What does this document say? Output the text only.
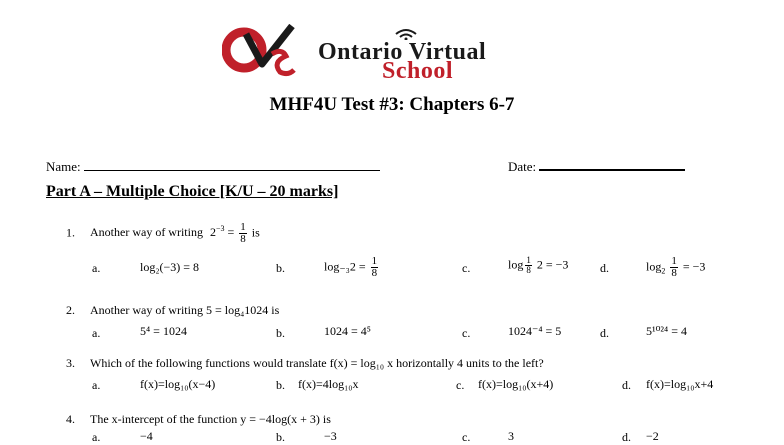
Ontario Virtual
School
MHF4U Test #3: Chapters 6-7
Name:	Date:
Part A – Multiple Choice [K/U – 20 marks]
1. Another way of writing $2^{-3} = \frac{1}{8}$ is
a.	log₂(−3) = 8	b.	$\log_{-3}2 = \frac{1}{8}$	c.	$\log \frac{1}{8} 2 = -3$	d.	$\log_2 \frac{1}{8} = -3$
2. Another way of writing 5 = log₄1024 is
a.	5⁴ = 1024	b.	1024 = 4⁵	c.	1024⁻⁴ = 5	d.	5¹⁰²⁴ = 4
3. Which of the following functions would translate f(x) = log₁₀ x horizontally 4 units to the left?
a.	f(x)=log₁₀(x−4)	b. f(x)=4log₁₀x	c. f(x)=log₁₀(x+4)	d. f(x)=log₁₀x+4
4. The x-intercept of the function y = −4log(x + 3) is
a.	−4	b.	−3	c.	3	d. −2
